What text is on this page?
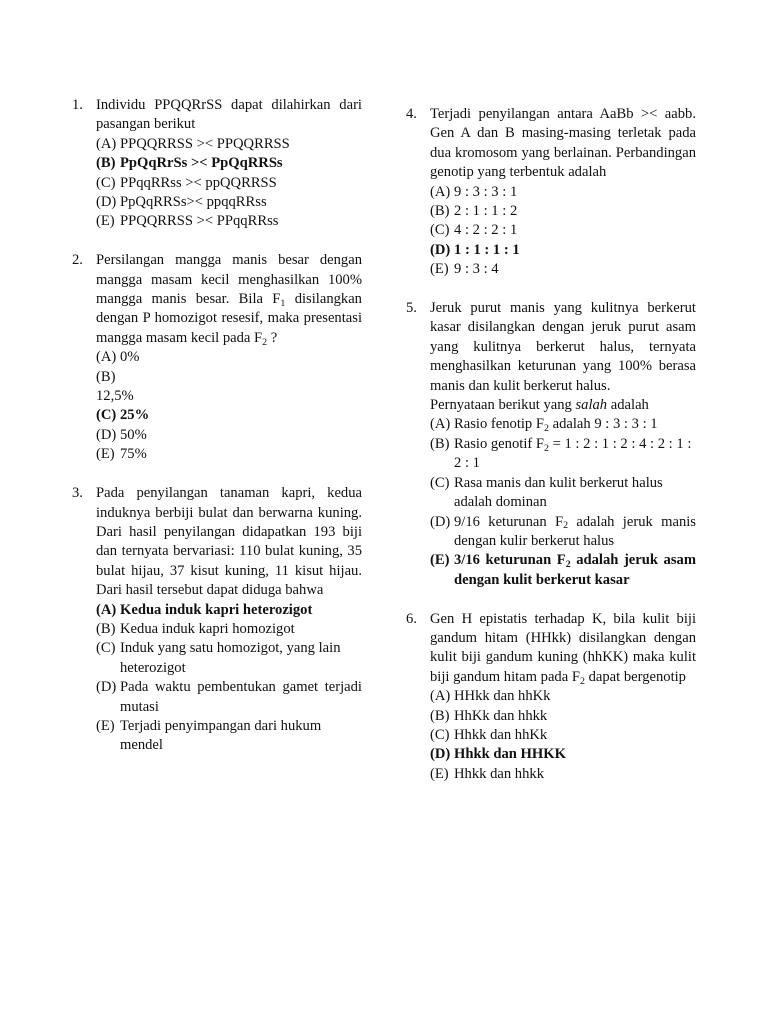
1. Individu PPQQRrSS dapat dilahirkan dari pasangan berikut
(A) PPQQRRSS >< PPQQRRSS
(B) PpQqRrSs >< PpQqRRSs
(C) PPqqRRss >< ppQQRRSS
(D) PpQqRRSs>< ppqqRRss
(E) PPQQRRSS >< PPqqRRss
2. Persilangan mangga manis besar dengan mangga masam kecil menghasilkan 100% mangga manis besar. Bila $F_1$ disilangkan dengan P homozigot resesif, maka presentasi mangga masam kecil pada $F_2$ ?
(A) 0%
(B)
12,5%
(C) 25%
(D) 50%
(E) 75%
3. Pada penyilangan tanaman kapri, kedua induknya berbiji bulat dan berwarna kuning. Dari hasil penyilangan didapatkan 193 biji dan ternyata bervariasi: 110 bulat kuning, 35 bulat hijau, 37 kisut kuning, 11 kisut hijau. Dari hasil tersebut dapat diduga bahwa
(A) Kedua induk kapri heterozigot
(B) Kedua induk kapri homozigot
(C) Induk yang satu homozigot, yang lain heterozigot
(D) Pada waktu pembentukan gamet terjadi mutasi
(E) Terjadi penyimpangan dari hukum mendel
4. Terjadi penyilangan antara AaBb >< aabb. Gen A dan B masing-masing terletak pada dua kromosom yang berlainan. Perbandingan genotip yang terbentuk adalah
(A) 9 : 3 : 3 : 1
(B) 2 : 1 : 1 : 2
(C) 4 : 2 : 2 : 1
(D) 1 : 1 : 1 : 1
(E) 9 : 3 : 4
5. Jeruk purut manis yang kulitnya berkerut kasar disilangkan dengan jeruk purut asam yang kulitnya berkerut halus, ternyata menghasilkan keturunan yang 100% berasa manis dan kulit berkerut halus.
Pernyataan berikut yang salah adalah
(A) Rasio fenotip $F_2$ adalah 9 : 3 : 3 : 1
(B) Rasio genotif $F_2 = 1$ : 2 : 1 : 2 : 4 : 2 : 1 : 2 : 1
(C) Rasa manis dan kulit berkerut halus adalah dominan
(D) 9/16 keturunan $F_2$ adalah jeruk manis dengan kulir berkerut halus
(E) 3/16 keturunan $F_2$ adalah jeruk asam dengan kulit berkerut kasar
6. Gen H epistatis terhadap K, bila kulit biji gandum hitam (HHkk) disilangkan dengan kulit biji gandum kuning (hhKK) maka kulit biji gandum hitam pada $F_2$ dapat bergenotip
(A) HHkk dan hhKk
(B) HhKk dan hhkk
(C) Hhkk dan hhKk
(D) Hhkk dan HHKK
(E) Hhkk dan hhkk
